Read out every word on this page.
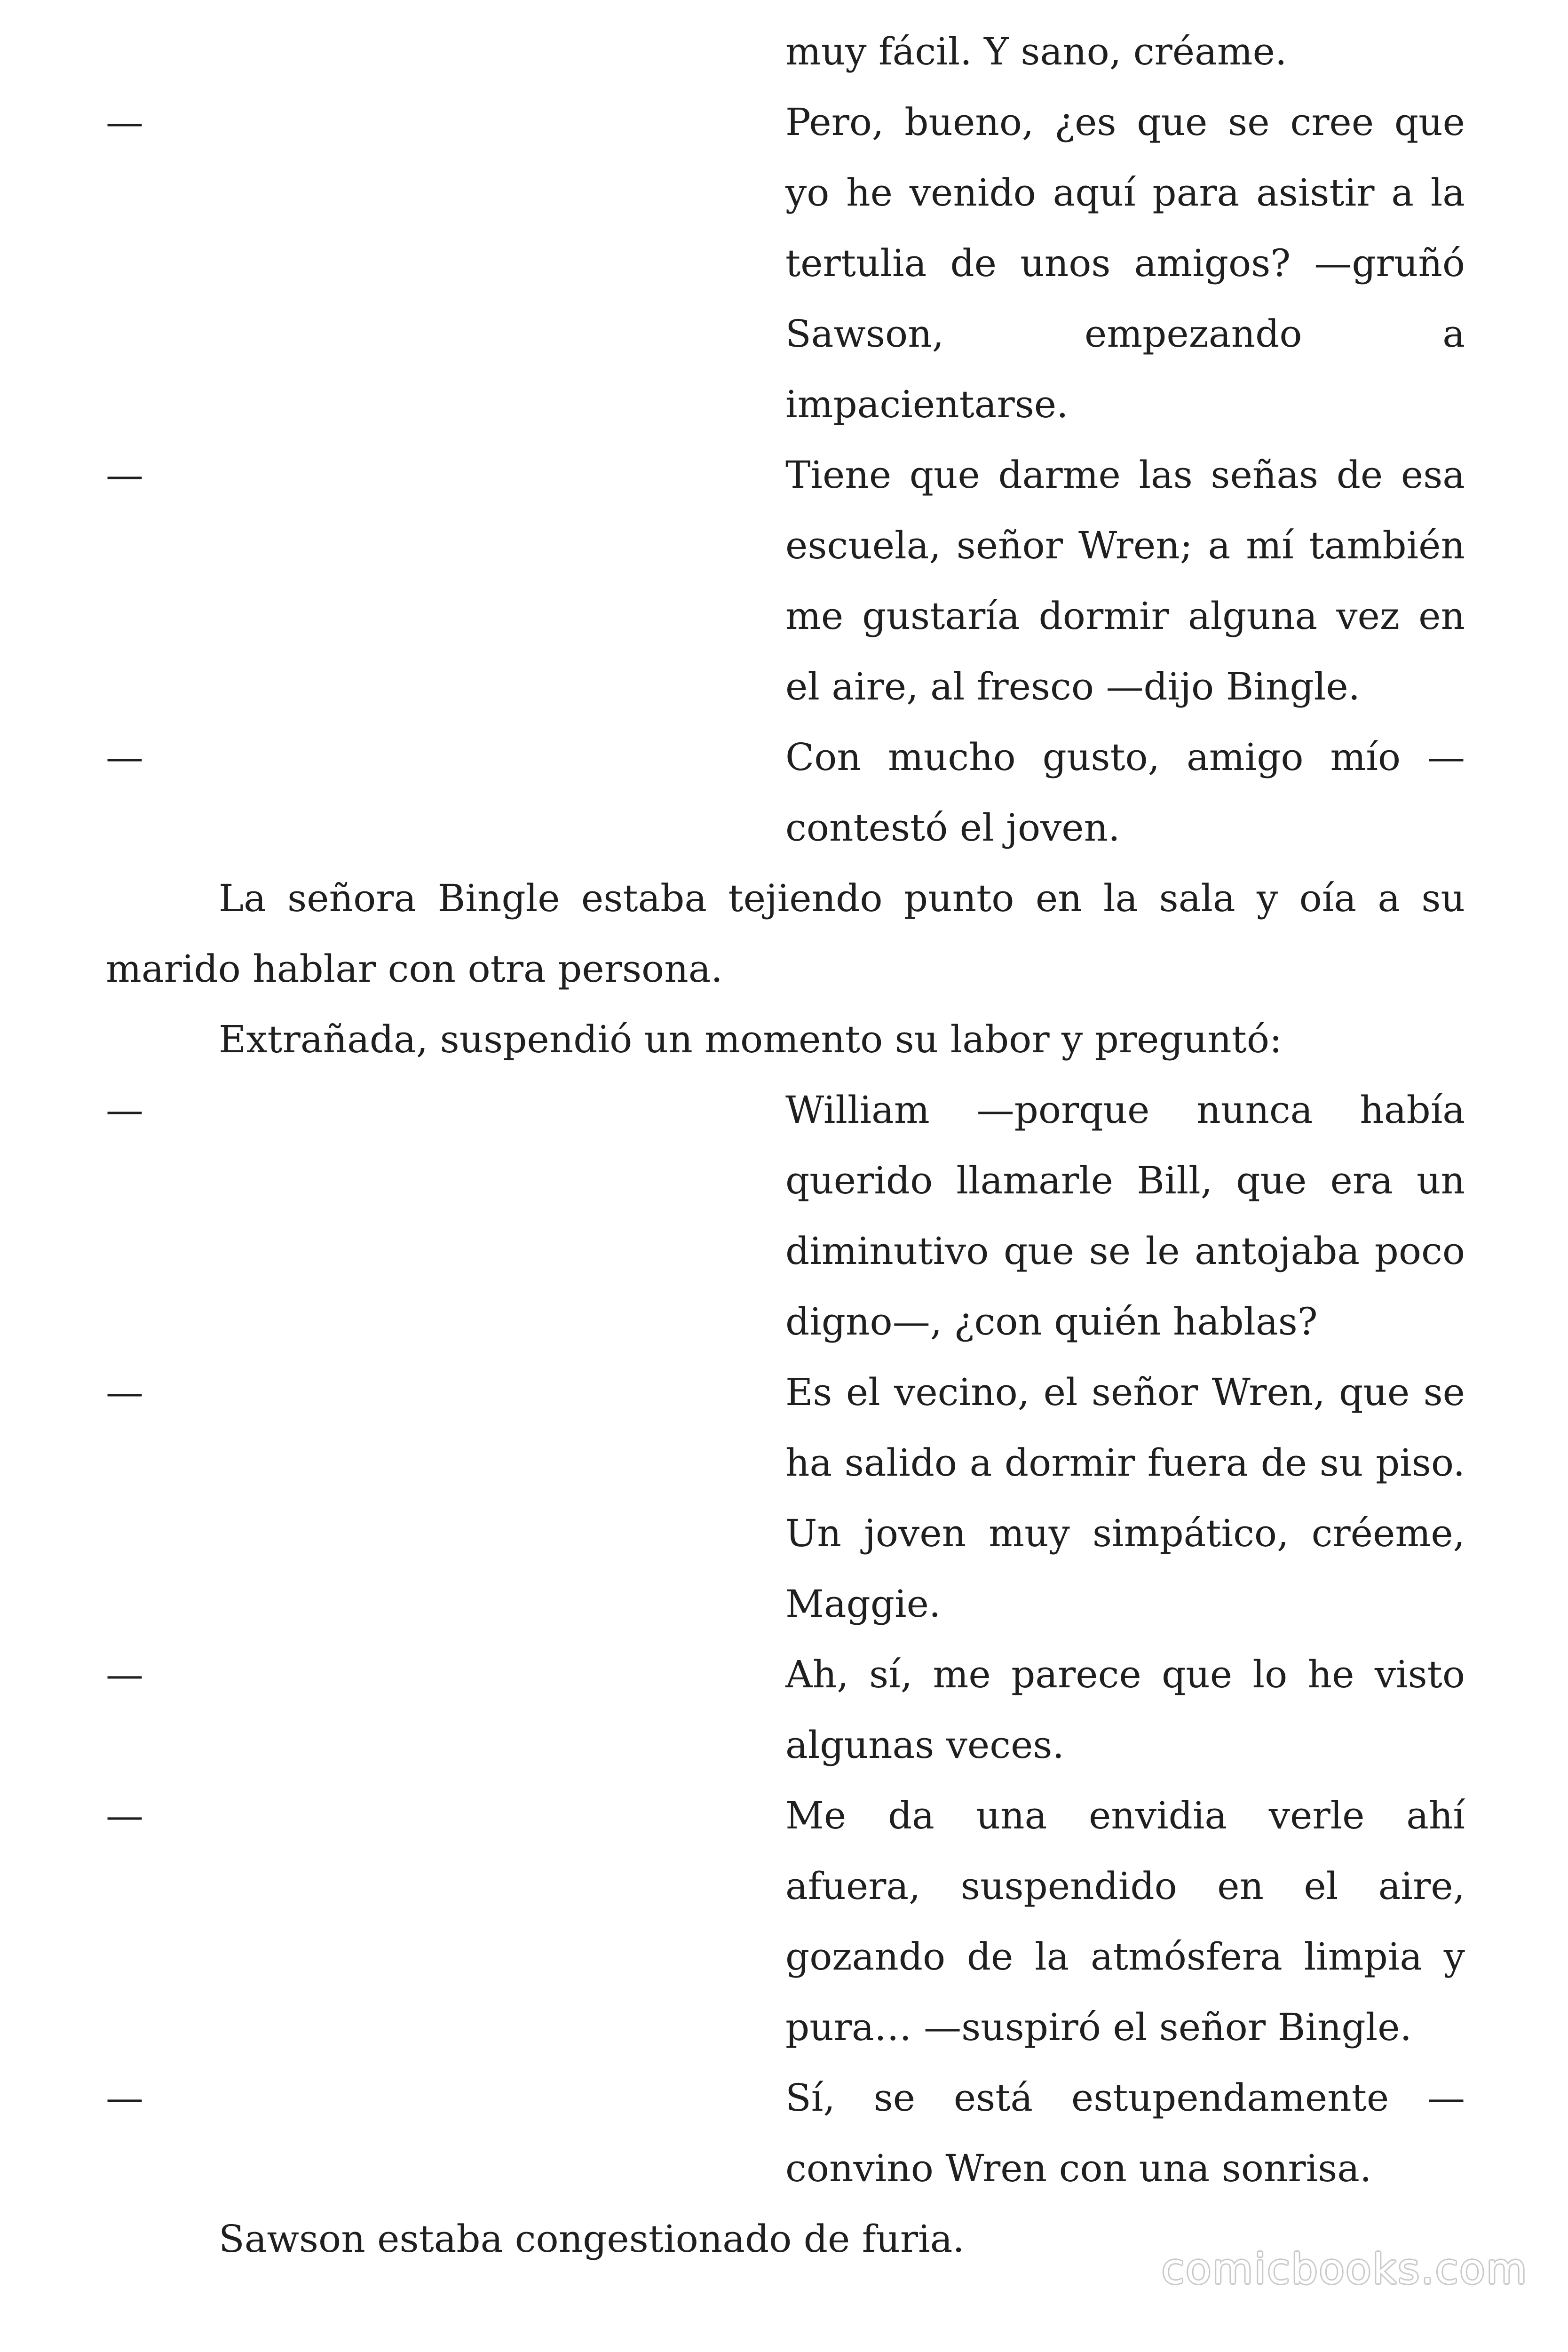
muy fácil. Y sano, créame.
—	Pero, bueno, ¿es que se cree que
yo he venido aquí para asistir a la
tertulia de unos amigos? —gruñó
Sawson, empezando a
impacientarse.
—	Tiene que darme las señas de esa
escuela, señor Wren; a mí también
me gustaría dormir alguna vez en
el aire, al fresco —dijo Bingle.
—	Con mucho gusto, amigo mío —
contestó el joven.
La señora Bingle estaba tejiendo punto en la sala y oía a su
marido hablar con otra persona.
Extrañada, suspendió un momento su labor y preguntó:
—	William —porque nunca había
querido llamarle Bill, que era un
diminutivo que se le antojaba poco
digno—, ¿con quién hablas?
—	Es el vecino, el señor Wren, que se
ha salido a dormir fuera de su piso.
Un joven muy simpático, créeme,
Maggie.
—	Ah, sí, me parece que lo he visto
algunas veces.
—	Me da una envidia verle ahí
afuera, suspendido en el aire,
gozando de la atmósfera limpia y
pura… —suspiró el señor Bingle.
—	Sí, se está estupendamente —
convino Wren con una sonrisa.
Sawson estaba congestionado de furia.
comicbooks.com
